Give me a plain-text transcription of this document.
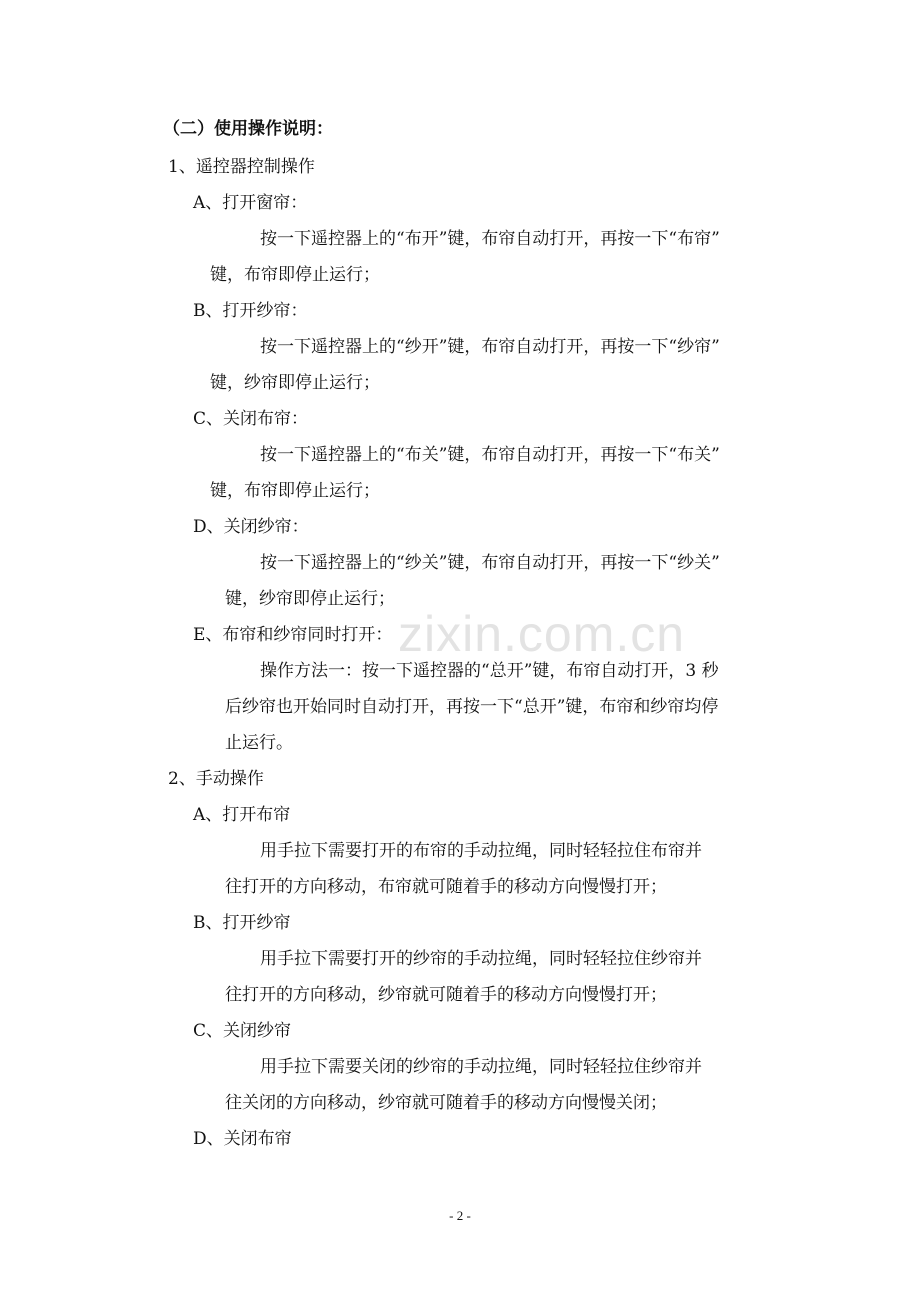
zixin.com.cn
（二）使用操作说明：
1、遥控器控制操作
A、打开窗帘：
按一下遥控器上的“布开”键，布帘自动打开，再按一下“布帘”
键，布帘即停止运行；
B、打开纱帘：
按一下遥控器上的“纱开”键，布帘自动打开，再按一下“纱帘”
键，纱帘即停止运行；
C、关闭布帘：
按一下遥控器上的“布关”键，布帘自动打开，再按一下“布关”
键，布帘即停止运行；
D、关闭纱帘：
按一下遥控器上的“纱关”键，布帘自动打开，再按一下“纱关”
键，纱帘即停止运行；
E、布帘和纱帘同时打开：
操作方法一：按一下遥控器的“总开”键，布帘自动打开，3 秒
后纱帘也开始同时自动打开，再按一下“总开”键，布帘和纱帘均停
止运行。
2、手动操作
A、打开布帘
用手拉下需要打开的布帘的手动拉绳，同时轻轻拉住布帘并
往打开的方向移动，布帘就可随着手的移动方向慢慢打开；
B、打开纱帘
用手拉下需要打开的纱帘的手动拉绳，同时轻轻拉住纱帘并
往打开的方向移动，纱帘就可随着手的移动方向慢慢打开；
C、关闭纱帘
用手拉下需要关闭的纱帘的手动拉绳，同时轻轻拉住纱帘并
往关闭的方向移动，纱帘就可随着手的移动方向慢慢关闭；
D、关闭布帘
- 2 -
